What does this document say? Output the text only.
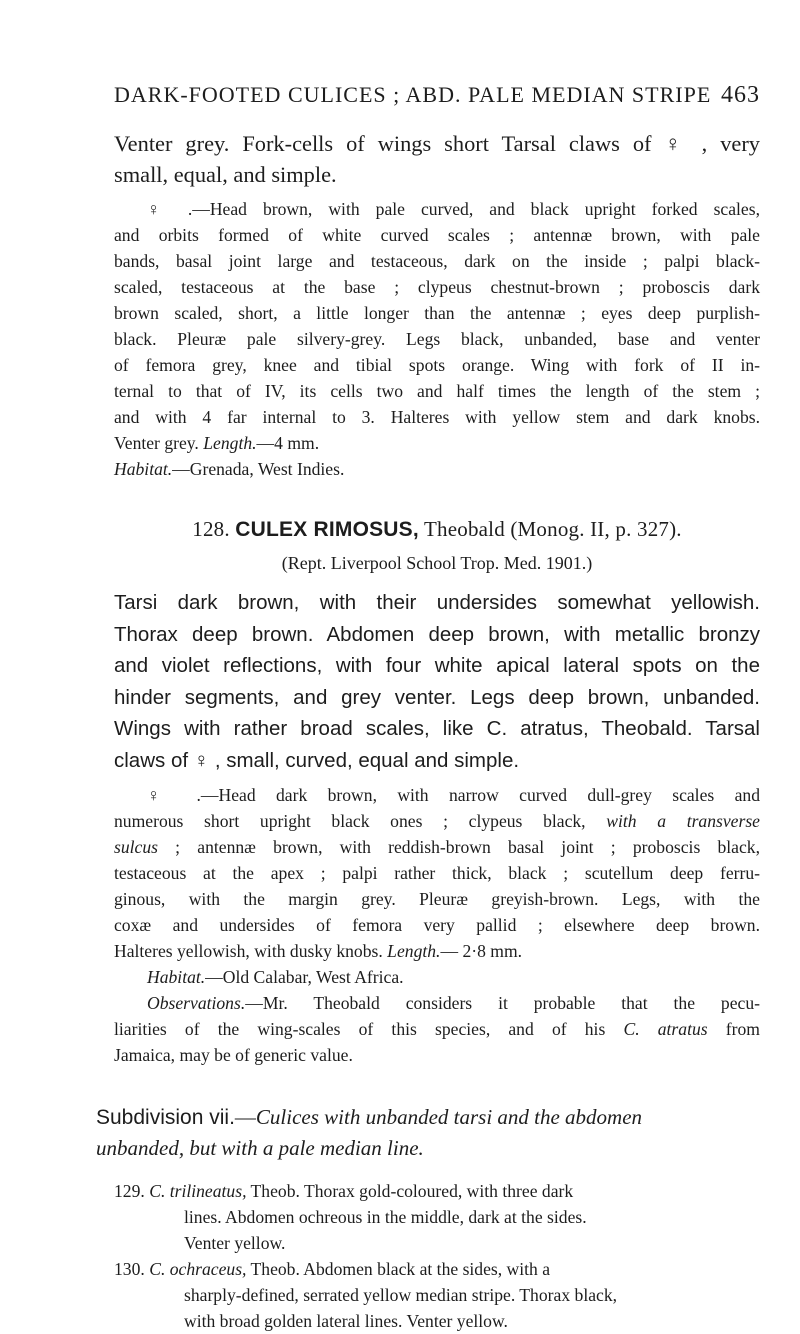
DARK-FOOTED CULICES ; ABD. PALE MEDIAN STRIPE 463

Venter grey. Fork-cells of wings short Tarsal claws of ♀ , very
small, equal, and simple.

♀ .—Head brown, with pale curved, and black upright forked scales,
and orbits formed of white curved scales ; antennæ brown, with pale
bands, basal joint large and testaceous, dark on the inside ; palpi black-
scaled, testaceous at the base ; clypeus chestnut-brown ; proboscis dark
brown scaled, short, a little longer than the antennæ ; eyes deep purplish-
black. Pleuræ pale silvery-grey. Legs black, unbanded, base and venter
of femora grey, knee and tibial spots orange. Wing with fork of II in-
ternal to that of IV, its cells two and half times the length of the stem ;
and with 4 far internal to 3. Halteres with yellow stem and dark knobs.
Venter grey. Length.—4 mm.
Habitat.—Grenada, West Indies.

128. CULEX RIMOSUS, Theobald (Monog. II, p. 327).

(Rept. Liverpool School Trop. Med. 1901.)

Tarsi dark brown, with their undersides somewhat yellowish.
Thorax deep brown. Abdomen deep brown, with metallic bronzy
and violet reflections, with four white apical lateral spots on the
hinder segments, and grey venter. Legs deep brown, unbanded.
Wings with rather broad scales, like C. atratus, Theobald. Tarsal
claws of ♀ , small, curved, equal and simple.

♀ .—Head dark brown, with narrow curved dull-grey scales and
numerous short upright black ones ; clypeus black, with a transverse
sulcus ; antennæ brown, with reddish-brown basal joint ; proboscis black,
testaceous at the apex ; palpi rather thick, black ; scutellum deep ferru-
ginous, with the margin grey. Pleuræ greyish-brown. Legs, with the
coxæ and undersides of femora very pallid ; elsewhere deep brown.
Halteres yellowish, with dusky knobs. Length.— 2·8 mm.
Habitat.—Old Calabar, West Africa.
Observations.—Mr. Theobald considers it probable that the pecu-
liarities of the wing-scales of this species, and of his C. atratus from
Jamaica, may be of generic value.

Subdivision vii.—Culices with unbanded tarsi and the abdomen
unbanded, but with a pale median line.

129. C. trilineatus, Theob. Thorax gold-coloured, with three dark
lines. Abdomen ochreous in the middle, dark at the sides.
Venter yellow.
130. C. ochraceus, Theob. Abdomen black at the sides, with a
sharply-defined, serrated yellow median stripe. Thorax black,
with broad golden lateral lines. Venter yellow.
